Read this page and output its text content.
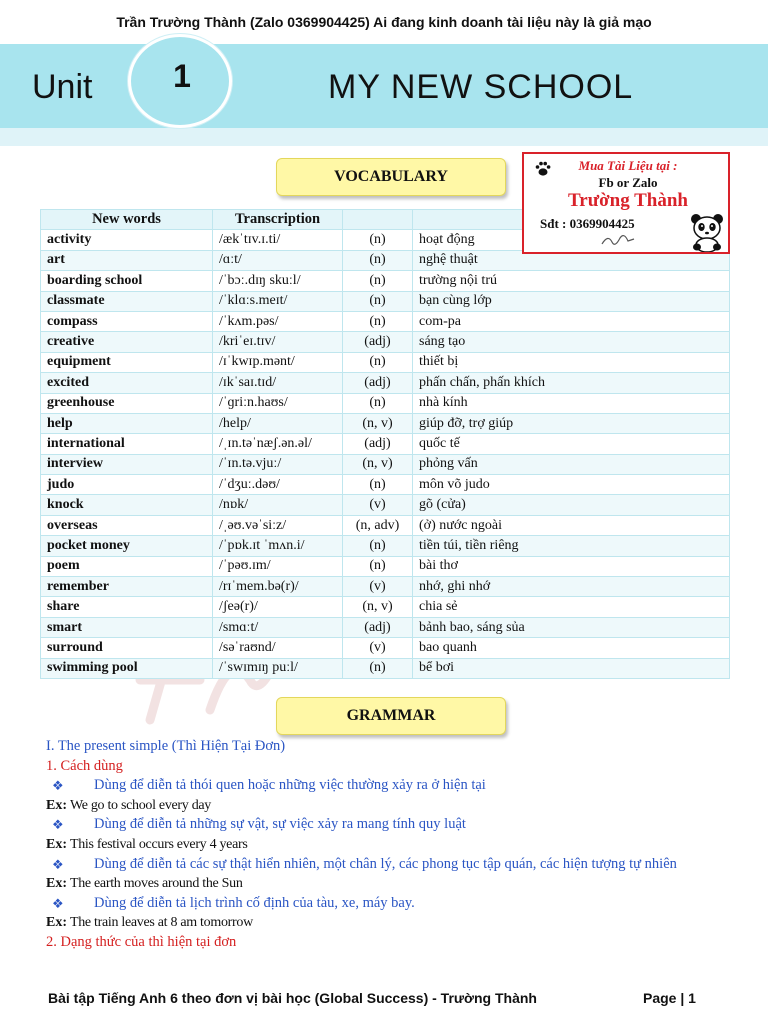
Trần Trường Thành (Zalo 0369904425) Ai đang kinh doanh tài liệu này là giả mạo
Unit	1	MY NEW SCHOOL
VOCABULARY
New words	Transcription		
activity	/ækˈtɪv.ɪ.ti/	(n)	hoạt động
art	/ɑːt/	(n)	nghệ thuật
boarding school	/ˈbɔː.dɪŋ skuːl/	(n)	trường nội trú
classmate	/ˈklɑːs.meɪt/	(n)	bạn cùng lớp
compass	/ˈkʌm.pəs/	(n)	com-pa
creative	/kriˈeɪ.tɪv/	(adj)	sáng tạo
equipment	/ɪˈkwɪp.mənt/	(n)	thiết bị
excited	/ɪkˈsaɪ.tɪd/	(adj)	phấn chấn, phấn khích
greenhouse	/ˈɡriːn.haʊs/	(n)	nhà kính
help	/help/	(n, v)	giúp đỡ, trợ giúp
international	/ˌɪn.təˈnæʃ.ən.əl/	(adj)	quốc tế
interview	/ˈɪn.tə.vjuː/	(n, v)	phỏng vấn
judo	/ˈdʒuː.dəʊ/	(n)	môn võ judo
knock	/nɒk/	(v)	gõ (cửa)
overseas	/ˌəʊ.vəˈsiːz/	(n, adv)	(ở) nước ngoài
pocket money	/ˈpɒk.ɪt ˈmʌn.i/	(n)	tiền túi, tiền riêng
poem	/ˈpəʊ.ɪm/	(n)	bài thơ
remember	/rɪˈmem.bə(r)/	(v)	nhớ, ghi nhớ
share	/ʃeə(r)/	(n, v)	chia sẻ
smart	/smɑːt/	(adj)	bảnh bao, sáng sủa
surround	/səˈraʊnd/	(v)	bao quanh
swimming pool	/ˈswɪmɪŋ puːl/	(n)	bể bơi
Mua Tài Liệu tại :
Fb or Zalo
Trường Thành
Sđt : 0369904425
GRAMMAR
I. The present simple (Thì Hiện Tại Đơn)
1. Cách dùng
❖	Dùng để diễn tả thói quen hoặc những việc thường xảy ra ở hiện tại
Ex: We go to school every day
❖	Dùng để diễn tả những sự vật, sự việc xảy ra mang tính quy luật
Ex: This festival occurs every 4 years
❖	Dùng để diễn tả các sự thật hiển nhiên, một chân lý, các phong tục tập quán, các hiện tượng tự nhiên
Ex: The earth moves around the Sun
❖	Dùng để diễn tả lịch trình cố định của tàu, xe, máy bay.
Ex: The train leaves at 8 am tomorrow
2. Dạng thức của thì hiện tại đơn
Bài tập Tiếng Anh 6 theo đơn vị bài học (Global Success) - Trường Thành	Page | 1
